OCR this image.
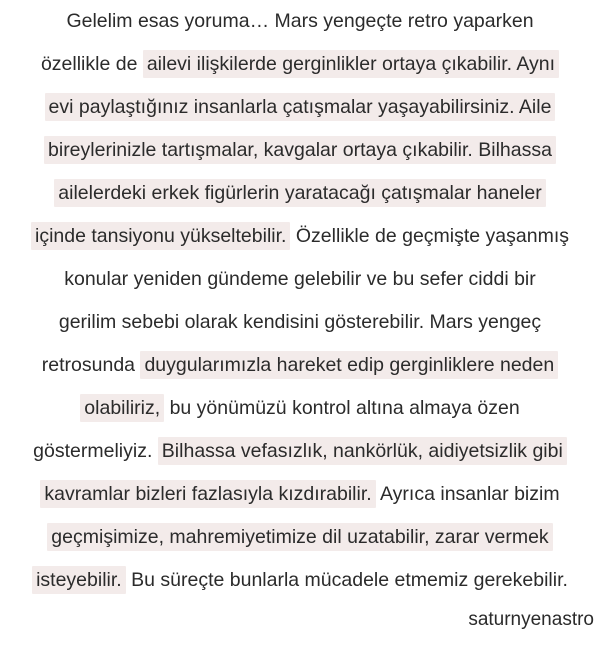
Gelelim esas yoruma… Mars yengeçte retro yaparken
özellikle de ailevi ilişkilerde gerginlikler ortaya çıkabilir. Aynı
evi paylaştığınız insanlarla çatışmalar yaşayabilirsiniz. Aile
bireylerinizle tartışmalar, kavgalar ortaya çıkabilir. Bilhassa
ailelerdeki erkek figürlerin yaratacağı çatışmalar haneler
içinde tansiyonu yükseltebilir. Özellikle de geçmişte yaşanmış
konular yeniden gündeme gelebilir ve bu sefer ciddi bir
gerilim sebebi olarak kendisini gösterebilir. Mars yengeç
retrosunda duygularımızla hareket edip gerginliklere neden
olabiliriz, bu yönümüzü kontrol altına almaya özen
göstermeliyiz. Bilhassa vefasızlık, nankörlük, aidiyetsizlik gibi
kavramlar bizleri fazlasıyla kızdırabilir. Ayrıca insanlar bizim
geçmişimize, mahremiyetimize dil uzatabilir, zarar vermek
isteyebilir. Bu süreçte bunlarla mücadele etmemiz gerekebilir.
saturnyenastro
